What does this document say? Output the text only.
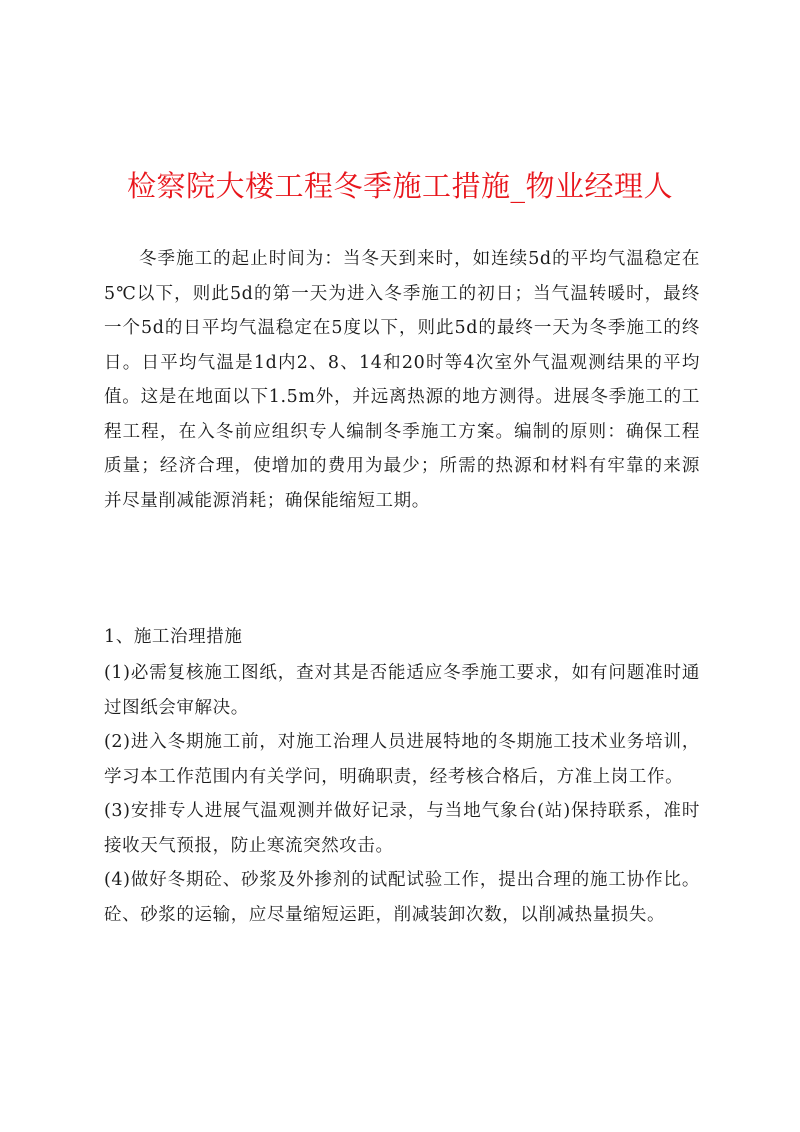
检察院大楼工程冬季施工措施_物业经理人

冬季施工的起止时间为：当冬天到来时，如连续5d的平均气温稳定在5℃以下，则此5d的第一天为进入冬季施工的初日；当气温转暖时，最终一个5d的日平均气温稳定在5度以下，则此5d的最终一天为冬季施工的终日。日平均气温是1d内2、8、14和20时等4次室外气温观测结果的平均值。这是在地面以下1.5m外，并远离热源的地方测得。进展冬季施工的工程工程，在入冬前应组织专人编制冬季施工方案。编制的原则：确保工程质量；经济合理，使增加的费用为最少；所需的热源和材料有牢靠的来源并尽量削减能源消耗；确保能缩短工期。

1、施工治理措施

(1)必需复核施工图纸，查对其是否能适应冬季施工要求，如有问题准时通过图纸会审解决。
(2)进入冬期施工前，对施工治理人员进展特地的冬期施工技术业务培训，学习本工作范围内有关学问，明确职责，经考核合格后，方准上岗工作。
(3)安排专人进展气温观测并做好记录，与当地气象台(站)保持联系，准时接收天气预报，防止寒流突然攻击。
(4)做好冬期砼、砂浆及外掺剂的试配试验工作，提出合理的施工协作比。砼、砂浆的运输，应尽量缩短运距，削减装卸次数，以削减热量损失。
